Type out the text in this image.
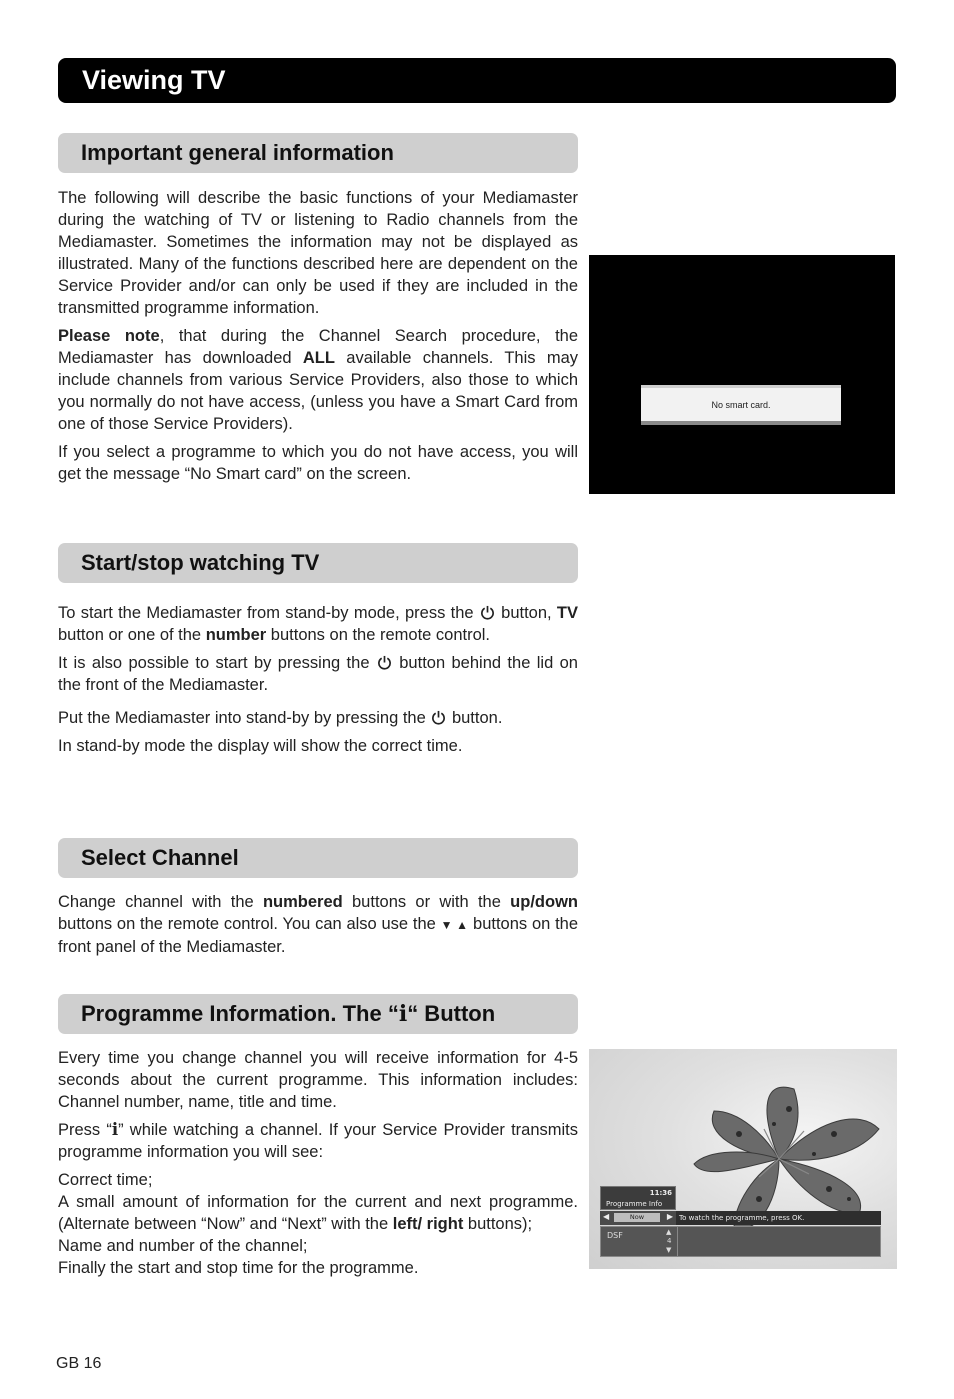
Viewing TV
Important general information

The following will describe the basic functions of your Mediamaster during the watching of TV or listening to Radio channels from the Mediamaster. Sometimes the information may not be displayed as illustrated. Many of the functions described here are dependent on the Service Provider and/or can only be used if they are included in the transmitted programme information.

Please note, that during the Channel Search procedure, the Mediamaster has downloaded ALL available channels. This may include channels from various Service Providers, also those to which you normally do not have access, (unless you have a Smart Card from one of those Service Providers).

If you select a programme to which you do not have access, you will get the message “No Smart card” on the screen.

No smart card.
Start/stop watching TV

To start the Mediamaster from stand-by mode, press the
button, TV button or one of the number buttons on the remote control.

It is also possible to start by pressing the
button behind the lid on the front of the Mediamaster.

Put the Mediamaster into stand-by by pressing the
button.

In stand-by mode the display will show the correct time.

Select Channel

Change channel with the numbered buttons or with the up/down buttons on the remote control. You can also use the ▼ ▲ buttons on the front panel of the Mediamaster.

Programme Information. The “i“ Button

Every time you change channel you will receive information for 4-5 seconds about the current programme. This information includes: Channel number, name, title and time.

Press “i” while watching a channel. If your Service Provider transmits programme information you will see:

Correct time;

A small amount of information for the current and next programme. (Alternate between “Now” and “Next” with the left/ right buttons);

Name and number of the channel;

Finally the start and stop time for the programme.

11:36
Programme Info
◀	Now	▶ To watch the programme, press OK.
DSF	▲

▼
4
GB 16
